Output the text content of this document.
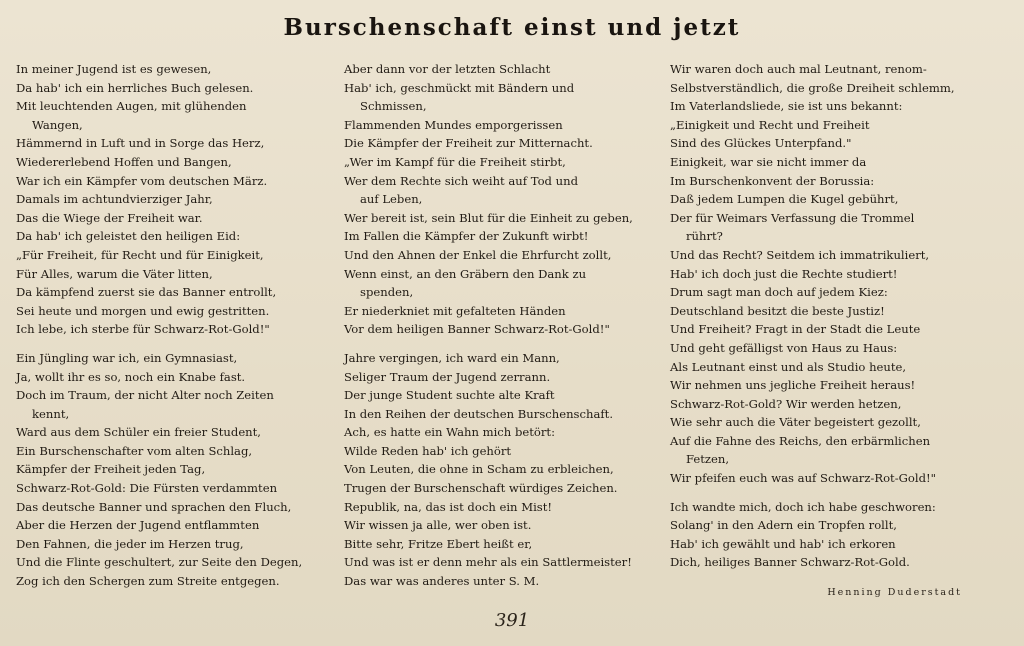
Burschenschaft einst und jetzt
In meiner Jugend ist es gewesen,
Da hab' ich ein herrliches Buch gelesen.
Mit leuchtenden Augen, mit glühenden
Wangen,
Hämmernd in Luft und in Sorge das Herz,
Wiedererlebend Hoffen und Bangen,
War ich ein Kämpfer vom deutschen März.
Damals im achtundvierziger Jahr,
Das die Wiege der Freiheit war.
Da hab' ich geleistet den heiligen Eid:
„Für Freiheit, für Recht und für Einigkeit,
Für Alles, warum die Väter litten,
Da kämpfend zuerst sie das Banner entrollt,
Sei heute und morgen und ewig gestritten.
Ich lebe, ich sterbe für Schwarz-Rot-Gold!"
Ein Jüngling war ich, ein Gymnasiast,
Ja, wollt ihr es so, noch ein Knabe fast.
Doch im Traum, der nicht Alter noch Zeiten
kennt,
Ward aus dem Schüler ein freier Student,
Ein Burschenschafter vom alten Schlag,
Kämpfer der Freiheit jeden Tag,
Schwarz-Rot-Gold: Die Fürsten verdammten
Das deutsche Banner und sprachen den Fluch,
Aber die Herzen der Jugend entflammten
Den Fahnen, die jeder im Herzen trug,
Und die Flinte geschultert, zur Seite den Degen,
Zog ich den Schergen zum Streite entgegen.
Aber dann vor der letzten Schlacht
Hab' ich, geschmückt mit Bändern und
Schmissen,
Flammenden Mundes emporgerissen
Die Kämpfer der Freiheit zur Mitternacht.
„Wer im Kampf für die Freiheit stirbt,
Wer dem Rechte sich weiht auf Tod und
auf Leben,
Wer bereit ist, sein Blut für die Einheit zu geben,
Im Fallen die Kämpfer der Zukunft wirbt!
Und den Ahnen der Enkel die Ehrfurcht zollt,
Wenn einst, an den Gräbern den Dank zu
spenden,
Er niederkniet mit gefalteten Händen
Vor dem heiligen Banner Schwarz-Rot-Gold!"
Jahre vergingen, ich ward ein Mann,
Seliger Traum der Jugend zerrann.
Der junge Student suchte alte Kraft
In den Reihen der deutschen Burschenschaft.
Ach, es hatte ein Wahn mich betört:
Wilde Reden hab' ich gehört
Von Leuten, die ohne in Scham zu erbleichen,
Trugen der Burschenschaft würdiges Zeichen.
Republik, na, das ist doch ein Mist!
Wir wissen ja alle, wer oben ist.
Bitte sehr, Fritze Ebert heißt er,
Und was ist er denn mehr als ein Sattlermeister!
Das war was anderes unter S. M.
Wir waren doch auch mal Leutnant, renom-
Selbstverständlich, die große Dreiheit schlemm,
Im Vaterlandsliede, sie ist uns bekannt:
„Einigkeit und Recht und Freiheit
Sind des Glückes Unterpfand."
Einigkeit, war sie nicht immer da
Im Burschenkonvent der Borussia:
Daß jedem Lumpen die Kugel gebührt,
Der für Weimars Verfassung die Trommel
rührt?
Und das Recht? Seitdem ich immatrikuliert,
Hab' ich doch just die Rechte studiert!
Drum sagt man doch auf jedem Kiez:
Deutschland besitzt die beste Justiz!
Und Freiheit? Fragt in der Stadt die Leute
Und geht gefälligst von Haus zu Haus:
Als Leutnant einst und als Studio heute,
Wir nehmen uns jegliche Freiheit heraus!
Schwarz-Rot-Gold? Wir werden hetzen,
Wie sehr auch die Väter begeistert gezollt,
Auf die Fahne des Reichs, den erbärmlichen
Fetzen,
Wir pfeifen euch was auf Schwarz-Rot-Gold!"
Ich wandte mich, doch ich habe geschworen:
Solang' in den Adern ein Tropfen rollt,
Hab' ich gewählt und hab' ich erkoren
Dich, heiliges Banner Schwarz-Rot-Gold.
Henning Duderstadt
391
